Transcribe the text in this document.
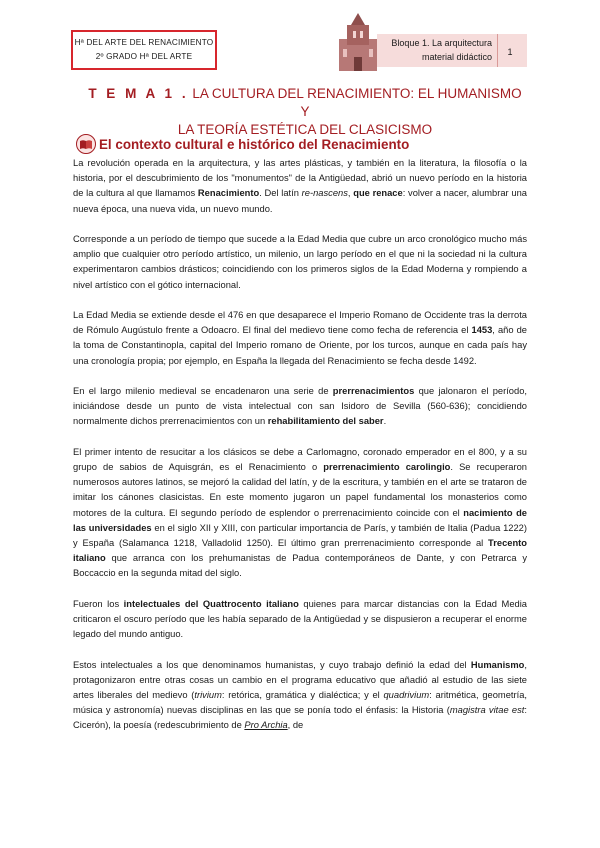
Hª DEL ARTE DEL RENACIMIENTO
2º GRADO Hª DEL ARTE
Bloque 1. La arquitectura
material didáctico	1
T E M A 1 . LA CULTURA DEL RENACIMIENTO: EL HUMANISMO Y
LA TEORÍA ESTÉTICA DEL CLASICISMO
El contexto cultural e histórico del Renacimiento

La revolución operada en la arquitectura, y las artes plásticas, y también en la literatura, la filosofía o la historia, por el descubrimiento de los "monumentos" de la Antigüedad, abrió un nuevo período en la historia de la cultura al que llamamos Renacimiento. Del latín re-nascens, que renace: volver a nacer, alumbrar una nueva época, una nueva vida, un nuevo mundo.

Corresponde a un período de tiempo que sucede a la Edad Media que cubre un arco cronológico mucho más amplio que cualquier otro período artístico, un milenio, un largo período en el que ni la sociedad ni la cultura experimentaron cambios drásticos; coincidiendo con los primeros siglos de la Edad Moderna y rompiendo a nivel artístico con el gótico internacional.

La Edad Media se extiende desde el 476 en que desaparece el Imperio Romano de Occidente tras la derrota de Rómulo Augústulo frente a Odoacro. El final del medievo tiene como fecha de referencia el 1453, año de la toma de Constantinopla, capital del Imperio romano de Oriente, por los turcos, aunque en cada país hay una cronología propia; por ejemplo, en España la llegada del Renacimiento se fecha desde 1492.

En el largo milenio medieval se encadenaron una serie de prerrenacimientos que jalonaron el período, iniciándose desde un punto de vista intelectual con san Isidoro de Sevilla (560-636); concidiendo normalmente dichos prerrenacimientos con un rehabilitamiento del saber.

El primer intento de resucitar a los clásicos se debe a Carlomagno, coronado emperador en el 800, y a su grupo de sabios de Aquisgrán, es el Renacimiento o prerrenacimiento carolingio. Se recuperaron numerosos autores latinos, se mejoró la calidad del latín, y de la escritura, y también en el arte se trataron de imitar los cánones clasicistas. En este momento jugaron un papel fundamental los monasterios como motores de la cultura. El segundo período de esplendor o prerrenacimiento coincide con el nacimiento de las universidades en el siglo XII y XIII, con particular importancia de París, y también de Italia (Padua 1222) y España (Salamanca 1218, Valladolid 1250). El último gran prerrenacimiento corresponde al Trecento italiano que arranca con los prehumanistas de Padua contemporáneos de Dante, y con Petrarca y Boccaccio en la segunda mitad del siglo.

Fueron los intelectuales del Quattrocento italiano quienes para marcar distancias con la Edad Media criticaron el oscuro período que les había separado de la Antigüedad y se dispusieron a recuperar el enorme legado del mundo antiguo.

Estos intelectuales a los que denominamos humanistas, y cuyo trabajo definió la edad del Humanismo, protagonizaron entre otras cosas un cambio en el programa educativo que añadió al estudio de las siete artes liberales del medievo (trivium: retórica, gramática y dialéctica; y el quadrivium: aritmética, geometría, música y astronomía) nuevas disciplinas en las que se ponía todo el énfasis: la Historia (magistra vitae est: Cicerón), la poesía (redescubrimiento de Pro Archia, de
